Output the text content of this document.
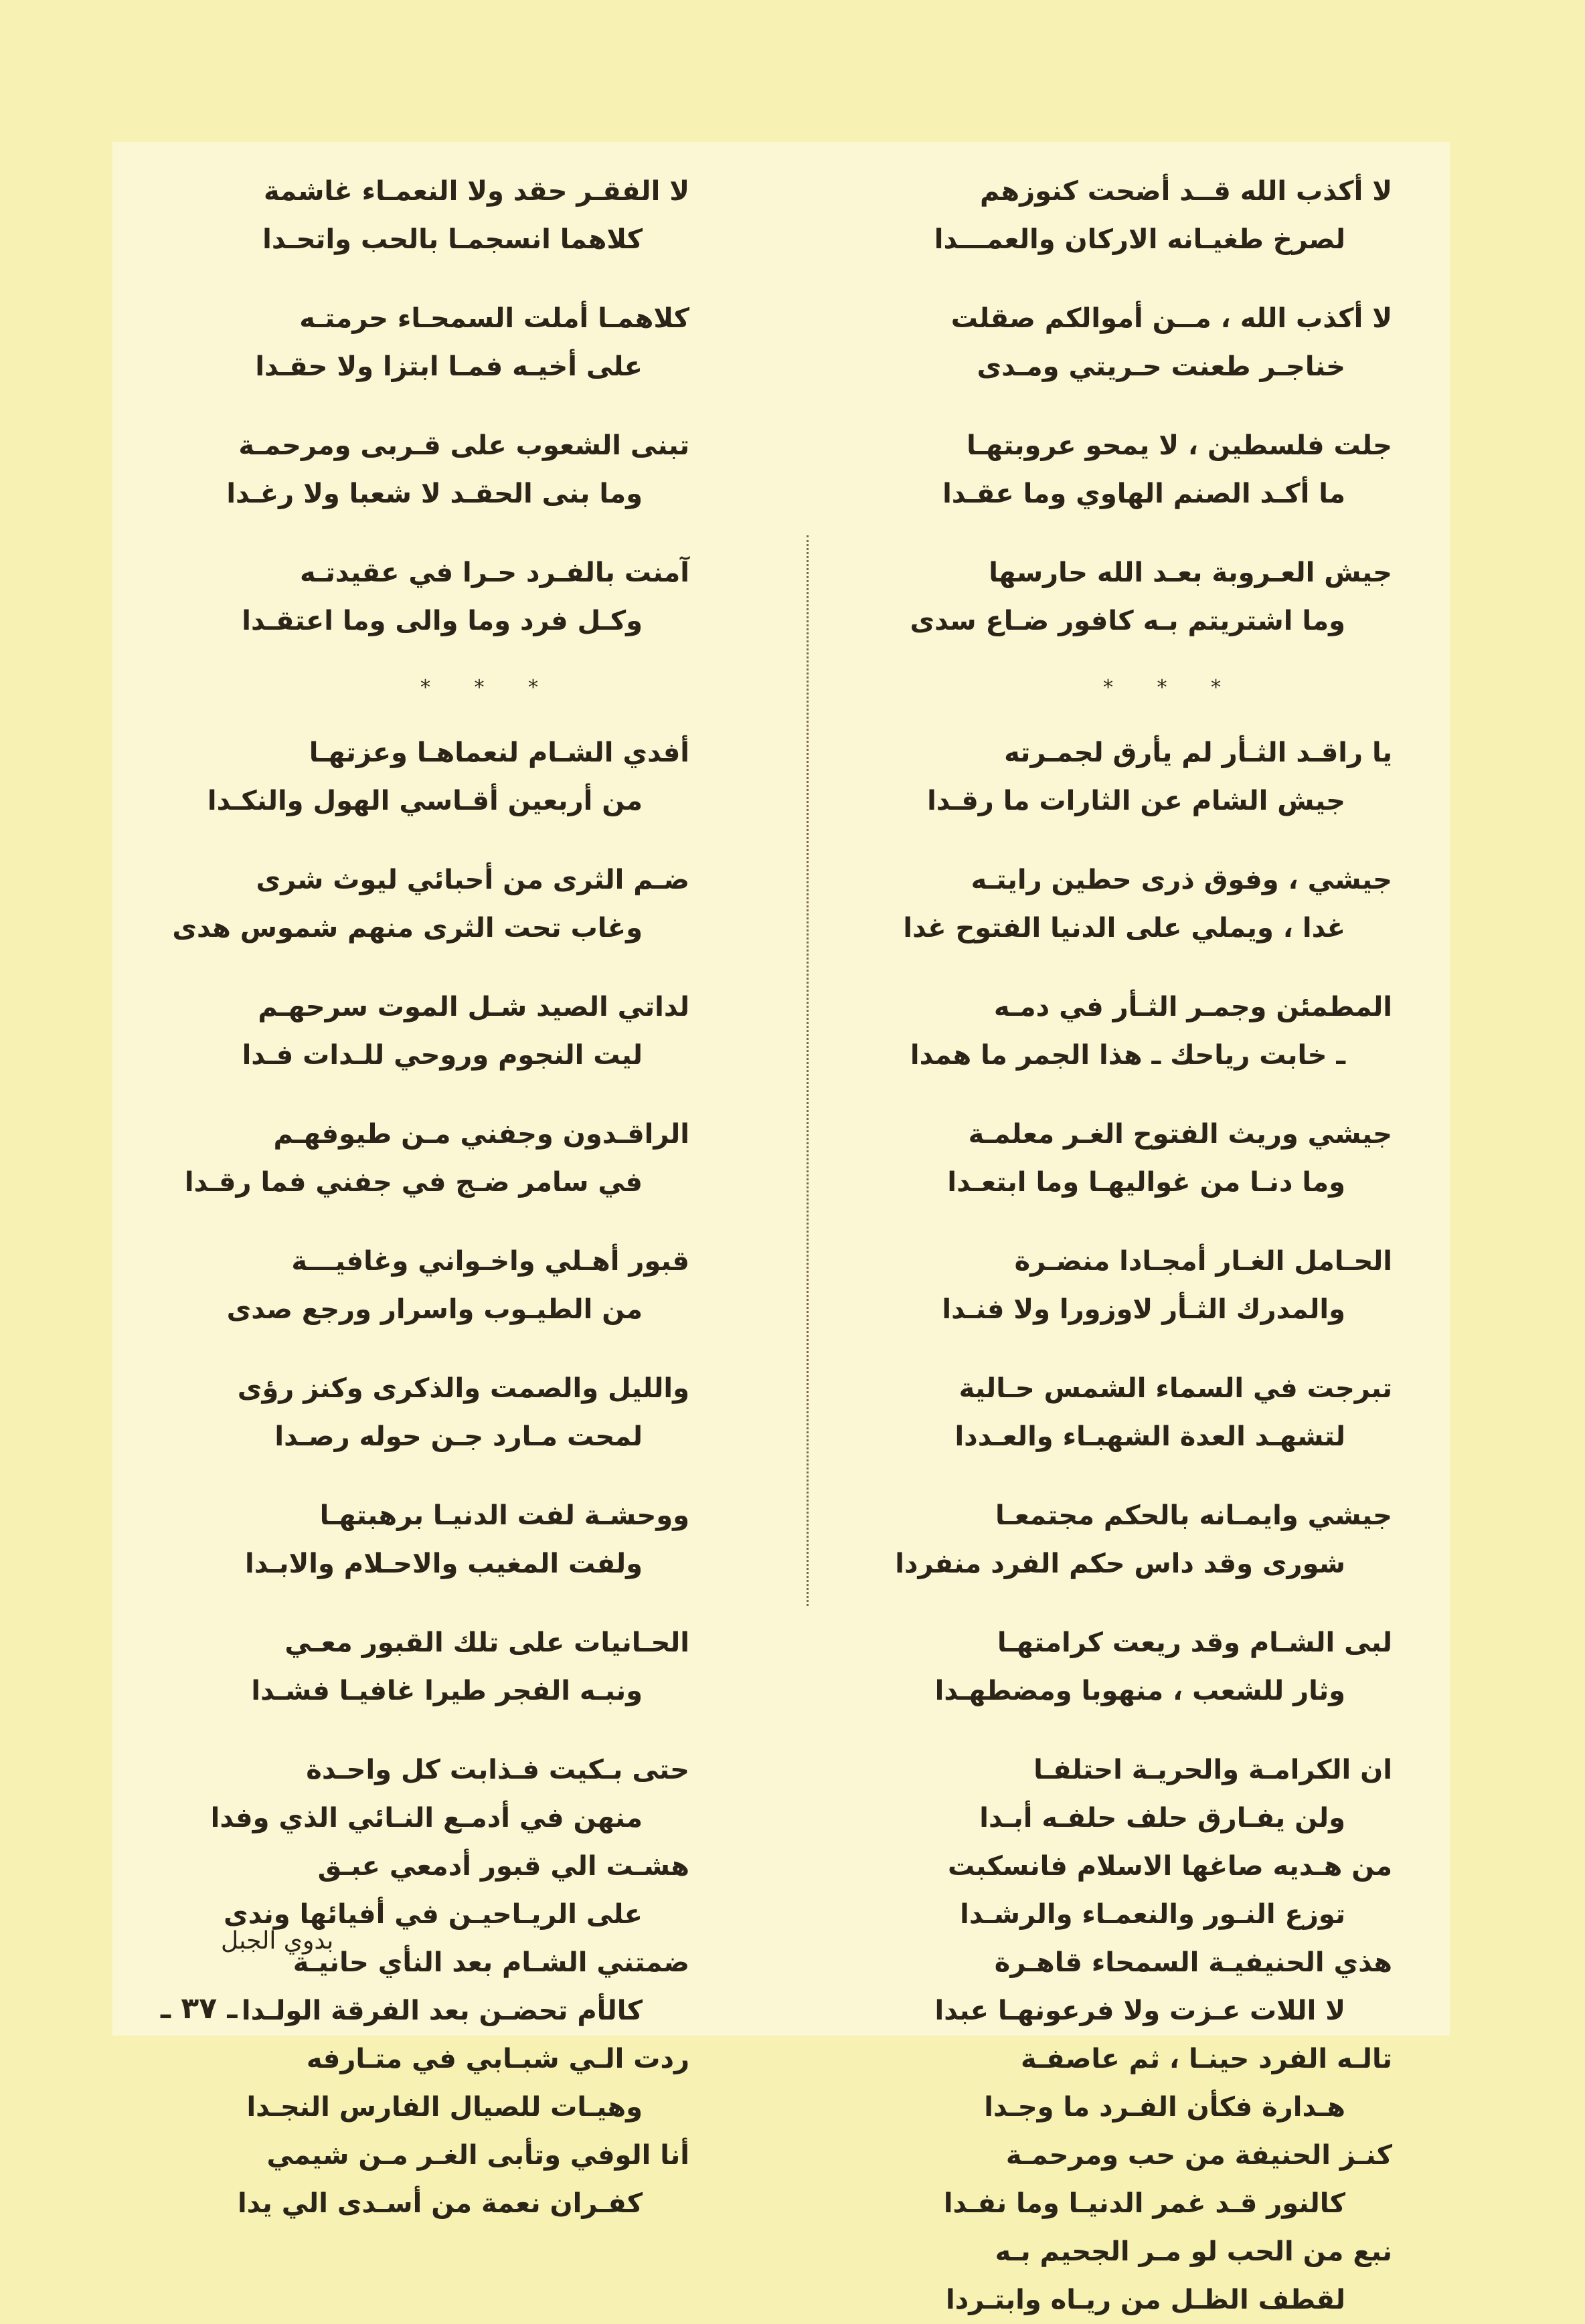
لا أكذب الله قــد أضحت كنوزهم
لصرخ طغيـانه الاركان والعمـــدا
لا أكذب الله ، مــن أموالكم صقلت
خناجـر طعنت حـريتي ومـدى
جلت فلسطين ، لا يمحو عروبتهـا
ما أكـد الصنم الهاوي وما عقـدا
جيش العـروبة بعـد الله حارسها
وما اشتريتم بـه كافور ضـاع سدى
* * *
يا راقـد الثـأر لم يأرق لجمـرته
جيش الشام عن الثارات ما رقـدا
جيشي ، وفوق ذرى حطين رايتـه
غدا ، ويملي على الدنيا الفتوح غدا
المطمئن وجمـر الثـأر في دمـه
ـ خابت رياحك ـ هذا الجمر ما همدا
جيشي وريث الفتوح الغـر معلمـة
وما دنـا من غواليهـا وما ابتعـدا
الحـامل الغـار أمجـادا منضـرة
والمدرك الثـأر لاوزورا ولا فنـدا
تبرجت في السماء الشمس حـالية
لتشهـد العدة الشهبـاء والعـددا
جيشي وايمـانه بالحكم مجتمعـا
شورى وقد داس حكم الفرد منفردا
لبى الشـام وقد ريعت كرامتهـا
وثار للشعب ، منهوبا ومضطهـدا
ان الكرامـة والحريـة احتلفـا
ولن يفـارق حلف حلفـه أبـدا
من هـديه صاغها الاسلام فانسكبت
توزع النـور والنعمـاء والرشـدا
هذي الحنيفيـة السمحاء قاهـرة
لا اللات عـزت ولا فرعونهـا عبدا
تالـه الفرد حينـا ، ثم عاصفـة
هـدارة فكأن الفـرد ما وجـدا
كنـز الحنيفة من حب ومرحمـة
كالنور قـد غمر الدنيـا وما نفـدا
نبع من الحب لو مـر الجحيم بـه
لقطف الظـل من ريـاه وابتـردا
لا الفقـر حقد ولا النعمـاء غاشمة
كلاهما انسجمـا بالحب واتحـدا
كلاهمـا أملت السمحـاء حرمتـه
على أخيـه فمـا ابتزا ولا حقـدا
تبنى الشعوب على قـربى ومرحمـة
وما بنى الحقـد لا شعبا ولا رغـدا
آمنت بالفـرد حـرا في عقيدتـه
وكـل فرد وما والى وما اعتقـدا
* * *
أفدي الشـام لنعماهـا وعزتهـا
من أربعين أقـاسي الهول والنكـدا
ضـم الثرى من أحبائي ليوث شرى
وغاب تحت الثرى منهم شموس هدى
لداتي الصيد شـل الموت سرحهـم
ليت النجوم وروحي للـدات فـدا
الراقـدون وجفني مـن طيوفهـم
في سامر ضـج في جفني فما رقـدا
قبور أهـلي واخـواني وغافيـــة
من الطيـوب واسرار ورجع صدى
والليل والصمت والذكرى وكنز رؤى
لمحت مـارد جـن حوله رصـدا
ووحشـة لفت الدنيـا برهبتهـا
ولفت المغيب والاحـلام والابـدا
الحـانيات على تلك القبور معـي
ونبـه الفجر طيرا غافيـا فشـدا
حتى بـكيت فـذابت كل واحـدة
منهن في أدمـع النـائي الذي وفدا
هشـت الي قبور أدمعي عبـق
على الريـاحيـن في أفيائها وندى
ضمتني الشـام بعد النأي حانيـة
كالأم تحضـن بعد الفرقة الولـدا
ردت الـي شبـابي في متـارفه
وهيـات للصيال الفارس النجـدا
أنا الوفي وتأبى الغـر مـن شيمي
كفـران نعمة من أسـدى الي يدا
بدوي الجبل
ـ ٣٧ ـ
